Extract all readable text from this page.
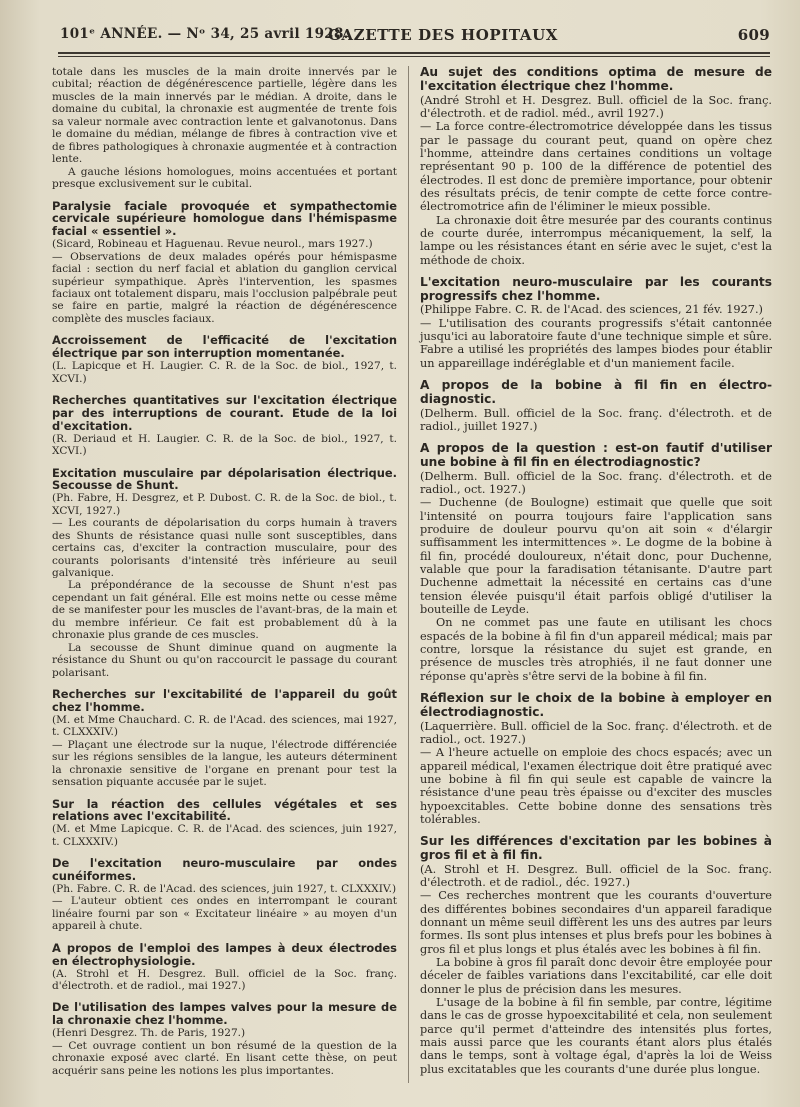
101ᵉ ANNÉE. — Nᵒ 34, 25 avril 1928.
GAZETTE DES HOPITAUX	609

totale dans les muscles de la main droite innervés par le cubital; réaction de dégénérescence partielle, légère dans les muscles de la main innervés par le médian. A droite, dans le domaine du cubital, la chronaxie est augmentée de trente fois sa valeur normale avec contraction lente et galvanotonus. Dans le domaine du médian, mélange de fibres à contraction vive et de fibres pathologiques à chronaxie augmentée et à contraction lente.

A gauche lésions homologues, moins accentuées et portant presque exclusivement sur le cubital.

Paralysie faciale provoquée et sympathectomie cervicale supérieure homologue dans l'hémispasme facial « essentiel ».
(Sicard, Robineau et Haguenau. Revue neurol., mars 1927.)

— Observations de deux malades opérés pour hémispasme facial : section du nerf facial et ablation du ganglion cervical supérieur sympathique. Après l'intervention, les spasmes faciaux ont totalement disparu, mais l'occlusion palpébrale peut se faire en partie, malgré la réaction de dégénérescence complète des muscles faciaux.

Accroissement de l'efficacité de l'excitation électrique par son interruption momentanée.
(L. Lapicque et H. Laugier. C. R. de la Soc. de biol., 1927, t. XCVI.)
Recherches quantitatives sur l'excitation électrique par des interruptions de courant. Etude de la loi d'excitation.
(R. Deriaud et H. Laugier. C. R. de la Soc. de biol., 1927, t. XCVI.)
Excitation musculaire par dépolarisation électrique. Secousse de Shunt.
(Ph. Fabre, H. Desgrez, et P. Dubost. C. R. de la Soc. de biol., t. XCVI, 1927.)

— Les courants de dépolarisation du corps humain à travers des Shunts de résistance quasi nulle sont susceptibles, dans certains cas, d'exciter la contraction musculaire, pour des courants polorisants d'intensité très inférieure au seuil galvanique.

La prépondérance de la secousse de Shunt n'est pas cependant un fait général. Elle est moins nette ou cesse même de se manifester pour les muscles de l'avant-bras, de la main et du membre inférieur. Ce fait est probablement dû à la chronaxie plus grande de ces muscles.

La secousse de Shunt diminue quand on augmente la résistance du Shunt ou qu'on raccourcit le passage du courant polarisant.

Recherches sur l'excitabilité de l'appareil du goût chez l'homme.
(M. et Mme Chauchard. C. R. de l'Acad. des sciences, mai 1927, t. CLXXXIV.)

— Plaçant une électrode sur la nuque, l'électrode différenciée sur les régions sensibles de la langue, les auteurs déterminent la chronaxie sensitive de l'organe en prenant pour test la sensation piquante accusée par le sujet.

Sur la réaction des cellules végétales et ses relations avec l'excitabilité.
(M. et Mme Lapicque. C. R. de l'Acad. des sciences, juin 1927, t. CLXXXIV.)
De l'excitation neuro-musculaire par ondes cunéiformes.
(Ph. Fabre. C. R. de l'Acad. des sciences, juin 1927, t. CLXXXIV.)

— L'auteur obtient ces ondes en interrompant le courant linéaire fourni par son « Excitateur linéaire » au moyen d'un appareil à chute.

A propos de l'emploi des lampes à deux électrodes en électrophysiologie.
(A. Strohl et H. Desgrez. Bull. officiel de la Soc. franç. d'électroth. et de radiol., mai 1927.)
De l'utilisation des lampes valves pour la mesure de la chronaxie chez l'homme.
(Henri Desgrez. Th. de Paris, 1927.)

— Cet ouvrage contient un bon résumé de la question de la chronaxie exposé avec clarté. En lisant cette thèse, on peut acquérir sans peine les notions les plus importantes.

Au sujet des conditions optima de mesure de l'excitation électrique chez l'homme.
(André Strohl et H. Desgrez. Bull. officiel de la Soc. franç. d'électroth. et de radiol. méd., avril 1927.)

— La force contre-électromotrice développée dans les tissus par le passage du courant peut, quand on opère chez l'homme, atteindre dans certaines conditions un voltage représentant 90 p. 100 de la différence de potentiel des électrodes. Il est donc de première importance, pour obtenir des résultats précis, de tenir compte de cette force contre-électromotrice afin de l'éliminer le mieux possible.

La chronaxie doit être mesurée par des courants continus de courte durée, interrompus mécaniquement, la self, la lampe ou les résistances étant en série avec le sujet, c'est la méthode de choix.

L'excitation neuro-musculaire par les courants progressifs chez l'homme.
(Philippe Fabre. C. R. de l'Acad. des sciences, 21 fév. 1927.)

— L'utilisation des courants progressifs s'était cantonnée jusqu'ici au laboratoire faute d'une technique simple et sûre. Fabre a utilisé les propriétés des lampes biodes pour établir un appareillage indéréglable et d'un maniement facile.

A propos de la bobine à fil fin en électro-diagnostic.
(Delherm. Bull. officiel de la Soc. franç. d'électroth. et de radiol., juillet 1927.)
A propos de la question : est-on fautif d'utiliser une bobine à fil fin en électrodiagnostic?
(Delherm. Bull. officiel de la Soc. franç. d'électroth. et de radiol., oct. 1927.)

— Duchenne (de Boulogne) estimait que quelle que soit l'intensité on pourra toujours faire l'application sans produire de douleur pourvu qu'on ait soin « d'élargir suffisamment les intermittences ». Le dogme de la bobine à fil fin, procédé douloureux, n'était donc, pour Duchenne, valable que pour la faradisation tétanisante. D'autre part Duchenne admettait la nécessité en certains cas d'une tension élevée puisqu'il était parfois obligé d'utiliser la bouteille de Leyde.

On ne commet pas une faute en utilisant les chocs espacés de la bobine à fil fin d'un appareil médical; mais par contre, lorsque la résistance du sujet est grande, en présence de muscles très atrophiés, il ne faut donner une réponse qu'après s'être servi de la bobine à fil fin.

Réflexion sur le choix de la bobine à employer en électrodiagnostic.
(Laquerrière. Bull. officiel de la Soc. franç. d'électroth. et de radiol., oct. 1927.)

— A l'heure actuelle on emploie des chocs espacés; avec un appareil médical, l'examen électrique doit être pratiqué avec une bobine à fil fin qui seule est capable de vaincre la résistance d'une peau très épaisse ou d'exciter des muscles hypoexcitables. Cette bobine donne des sensations très tolérables.

Sur les différences d'excitation par les bobines à gros fil et à fil fin.
(A. Strohl et H. Desgrez. Bull. officiel de la Soc. franç. d'électroth. et de radiol., déc. 1927.)

— Ces recherches montrent que les courants d'ouverture des différentes bobines secondaires d'un appareil faradique donnant un même seuil diffèrent les uns des autres par leurs formes. Ils sont plus intenses et plus brefs pour les bobines à gros fil et plus longs et plus étalés avec les bobines à fil fin.

La bobine à gros fil paraît donc devoir être employée pour déceler de faibles variations dans l'excitabilité, car elle doit donner le plus de précision dans les mesures.

L'usage de la bobine à fil fin semble, par contre, légitime dans le cas de grosse hypoexcitabilité et cela, non seulement parce qu'il permet d'atteindre des intensités plus fortes, mais aussi parce que les courants étant alors plus étalés dans le temps, sont à voltage égal, d'après la loi de Weiss plus excitatables que les courants d'une durée plus longue.
